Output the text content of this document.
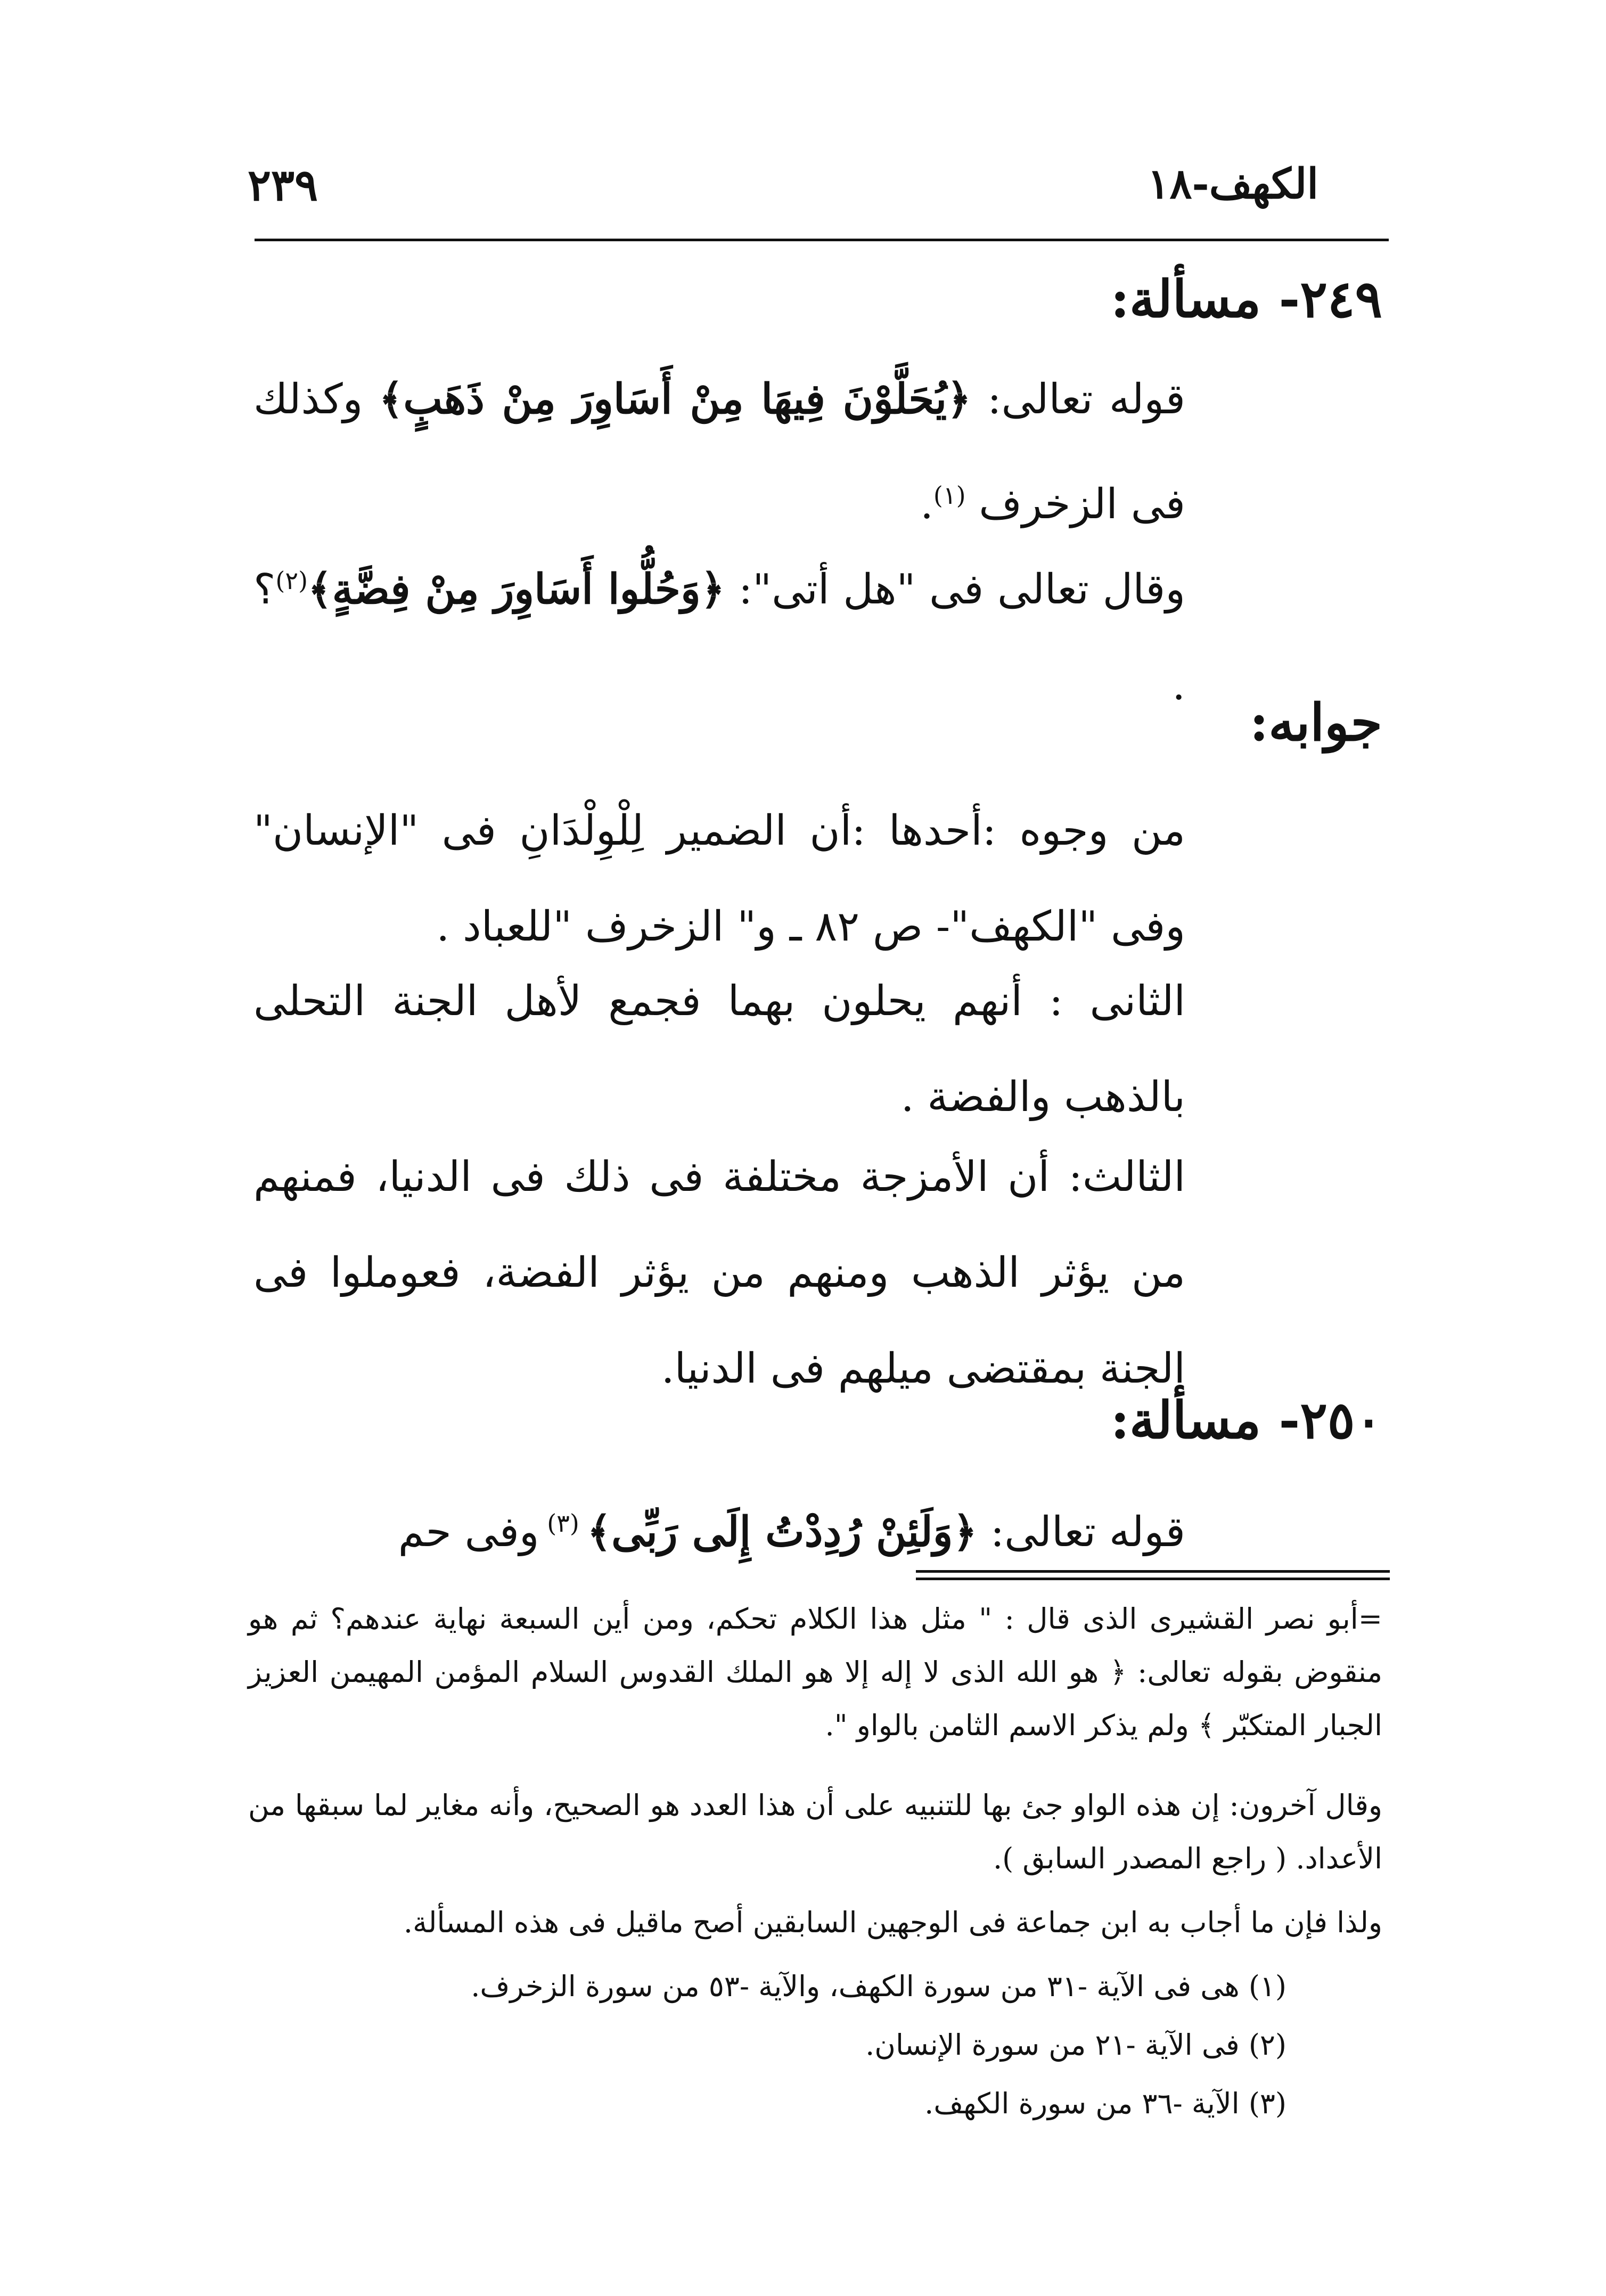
الكهف-١٨
٢٣٩
٢٤٩- مسألة:
قوله تعالى: ﴿يُحَلَّوْنَ فِيهَا مِنْ أَسَاوِرَ مِنْ ذَهَبٍ﴾ وكذلك فى الزخرف $^{(١)}$.
وقال تعالى فى "هل أتى": ﴿وَحُلُّوا أَسَاوِرَ مِنْ فِضَّةٍ﴾$^{(٢)}$؟ .
جوابه:
من وجوه :أحدها :أن الضمير لِلْوِلْدَانِ فى "الإنسان" وفى "الكهف"- ص ٨٢ ـ و" الزخرف "للعباد .
الثانى : أنهم يحلون بهما فجمع لأهل الجنة التحلى بالذهب والفضة .
الثالث: أن الأمزجة مختلفة فى ذلك فى الدنيا، فمنهم من يؤثر الذهب ومنهم من يؤثر الفضة، فعوملوا فى الجنة بمقتضى ميلهم فى الدنيا.
٢٥٠- مسألة:
قوله تعالى: ﴿وَلَئِنْ رُدِدْتُ إِلَى رَبِّى﴾ $^{(٣)}$ وفى حم
=أبو نصر القشيرى الذى قال : " مثل هذا الكلام تحكم، ومن أين السبعة نهاية عندهم؟ ثم هو منقوض بقوله تعالى: ﴿ هو الله الذى لا إله إلا هو الملك القدوس السلام المؤمن المهيمن العزيز الجبار المتكبّر ﴾ ولم يذكر الاسم الثامن بالواو ".
وقال آخرون: إن هذه الواو جئ بها للتنبيه على أن هذا العدد هو الصحيح، وأنه مغاير لما سبقها من الأعداد. ( راجع المصدر السابق ).
ولذا فإن ما أجاب به ابن جماعة فى الوجهين السابقين أصح ماقيل فى هذه المسألة.
(١) هى فى الآية -٣١ من سورة الكهف، والآية -٥٣ من سورة الزخرف.
(٢) فى الآية -٢١ من سورة الإنسان.
(٣) الآية -٣٦ من سورة الكهف.
